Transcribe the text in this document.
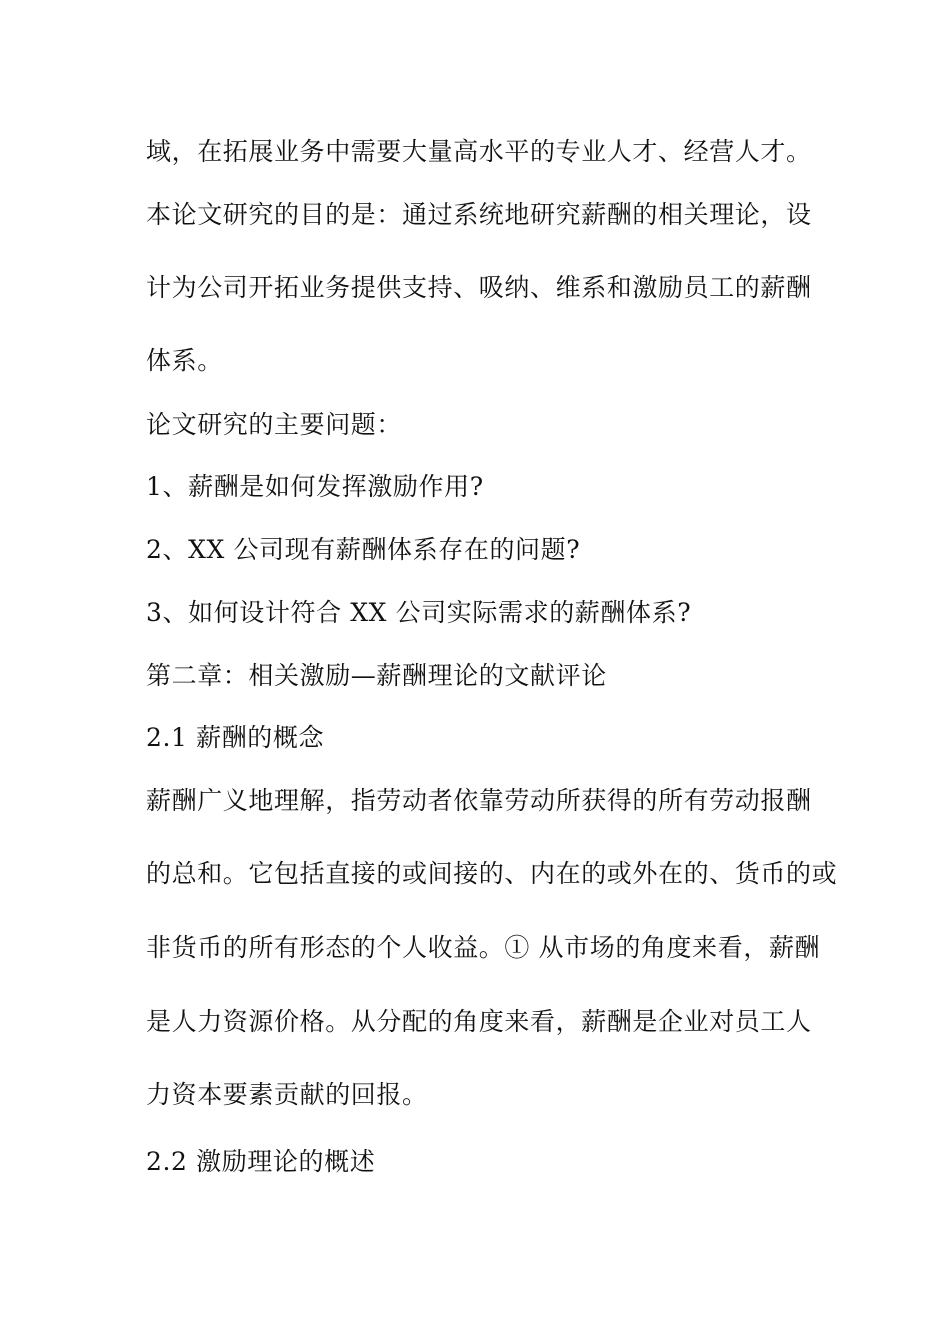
域，在拓展业务中需要大量高水平的专业人才、经营人才。
本论文研究的目的是：通过系统地研究薪酬的相关理论，设
计为公司开拓业务提供支持、吸纳、维系和激励员工的薪酬
体系。
论文研究的主要问题：
1、薪酬是如何发挥激励作用?
2、XX 公司现有薪酬体系存在的问题?
3、如何设计符合 XX 公司实际需求的薪酬体系?
第二章：相关激励—薪酬理论的文献评论
2.1 薪酬的概念
薪酬广义地理解，指劳动者依靠劳动所获得的所有劳动报酬
的总和。它包括直接的或间接的、内在的或外在的、货币的或
非货币的所有形态的个人收益。① 从市场的角度来看，薪酬
是人力资源价格。从分配的角度来看，薪酬是企业对员工人
力资本要素贡献的回报。
2.2 激励理论的概述
